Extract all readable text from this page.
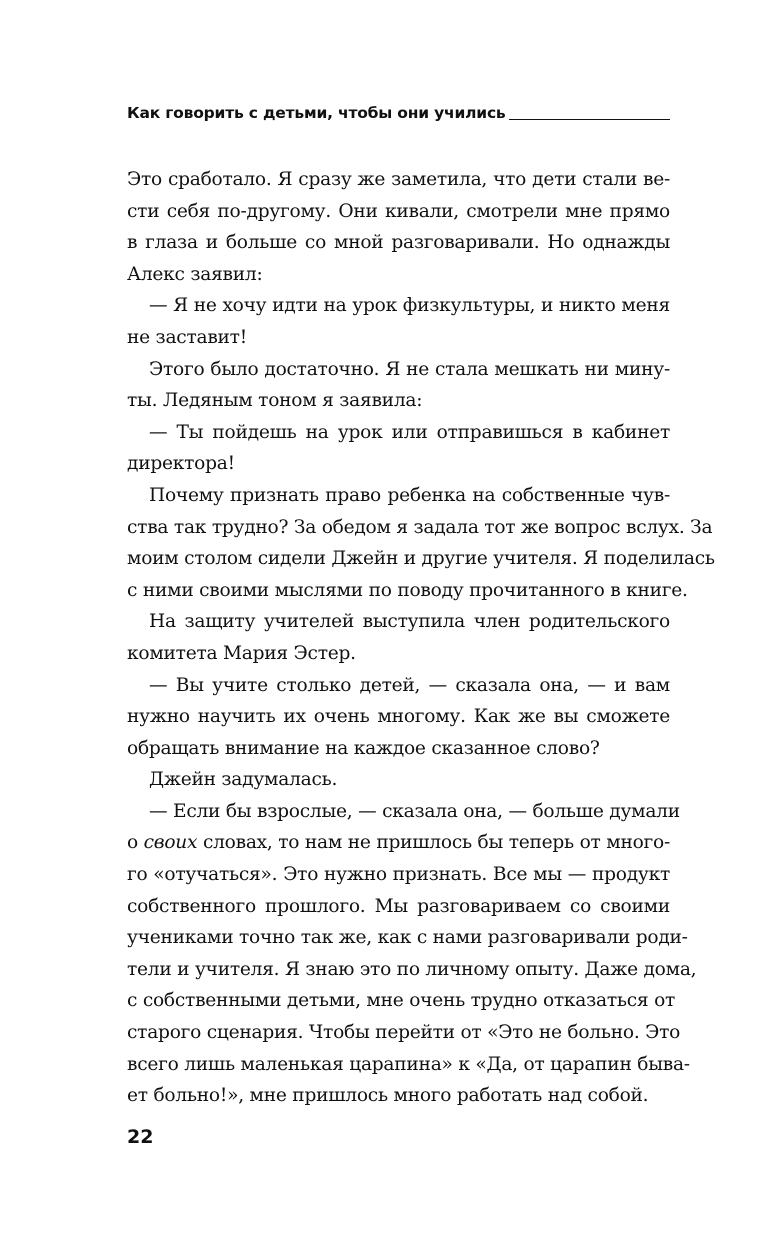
Как говорить с детьми, чтобы они учились
Это сработало. Я сразу же заметила, что дети стали ве-
сти себя по-другому. Они кивали, смотрели мне прямо
в глаза и больше со мной разговаривали. Но однажды
Алекс заявил:
— Я не хочу идти на урок физкультуры, и никто меня
не заставит!
Этого было достаточно. Я не стала мешкать ни мину-
ты. Ледяным тоном я заявила:
— Ты пойдешь на урок или отправишься в кабинет
директора!
Почему признать право ребенка на собственные чув-
ства так трудно? За обедом я задала тот же вопрос вслух. За
моим столом сидели Джейн и другие учителя. Я поделилась
с ними своими мыслями по поводу прочитанного в книге.
На защиту учителей выступила член родительского
комитета Мария Эстер.
— Вы учите столько детей, — сказала она, — и вам
нужно научить их очень многому. Как же вы сможете
обращать внимание на каждое сказанное слово?
Джейн задумалась.
— Если бы взрослые, — сказала она, — больше думали
о своих словах, то нам не пришлось бы теперь от много-
го «отучаться». Это нужно признать. Все мы — продукт
собственного прошлого. Мы разговариваем со своими
учениками точно так же, как с нами разговаривали роди-
тели и учителя. Я знаю это по личному опыту. Даже дома,
с собственными детьми, мне очень трудно отказаться от
старого сценария. Чтобы перейти от «Это не больно. Это
всего лишь маленькая царапина» к «Да, от царапин быва-
ет больно!», мне пришлось много работать над собой.
22
